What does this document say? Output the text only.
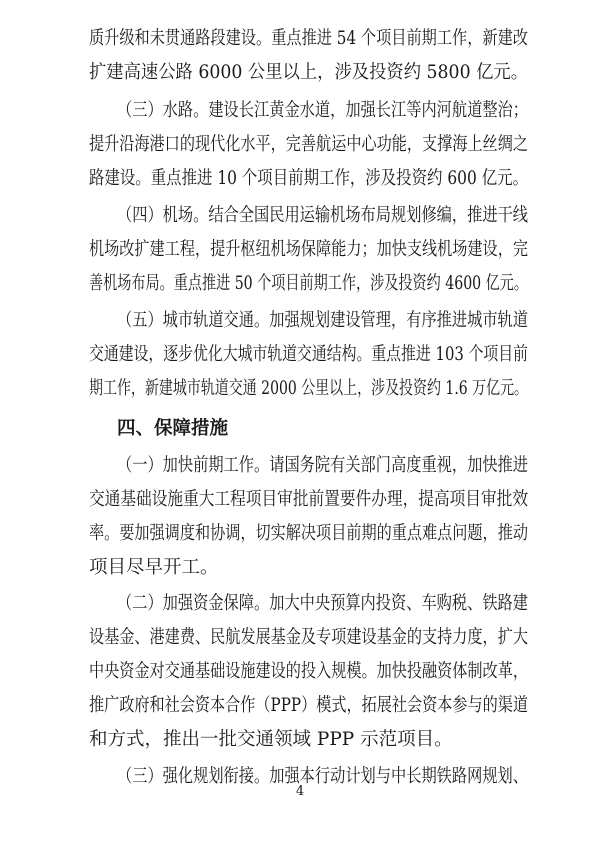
质升级和未贯通路段建设。重点推进 54 个项目前期工作，新建改
扩建高速公路 6000 公里以上，涉及投资约 5800 亿元。
（三）水路。建设长江黄金水道，加强长江等内河航道整治；
提升沿海港口的现代化水平，完善航运中心功能，支撑海上丝绸之
路建设。重点推进 10 个项目前期工作，涉及投资约 600 亿元。
（四）机场。结合全国民用运输机场布局规划修编，推进干线
机场改扩建工程，提升枢纽机场保障能力；加快支线机场建设，完
善机场布局。重点推进 50 个项目前期工作，涉及投资约 4600 亿元。
（五）城市轨道交通。加强规划建设管理，有序推进城市轨道
交通建设，逐步优化大城市轨道交通结构。重点推进 103 个项目前
期工作，新建城市轨道交通 2000 公里以上，涉及投资约 1.6 万亿元。
四、保障措施
（一）加快前期工作。请国务院有关部门高度重视，加快推进
交通基础设施重大工程项目审批前置要件办理，提高项目审批效
率。要加强调度和协调，切实解决项目前期的重点难点问题，推动
项目尽早开工。
（二）加强资金保障。加大中央预算内投资、车购税、铁路建
设基金、港建费、民航发展基金及专项建设基金的支持力度，扩大
中央资金对交通基础设施建设的投入规模。加快投融资体制改革，
推广政府和社会资本合作（PPP）模式，拓展社会资本参与的渠道
和方式，推出一批交通领域 PPP 示范项目。
（三）强化规划衔接。加强本行动计划与中长期铁路网规划、
4
